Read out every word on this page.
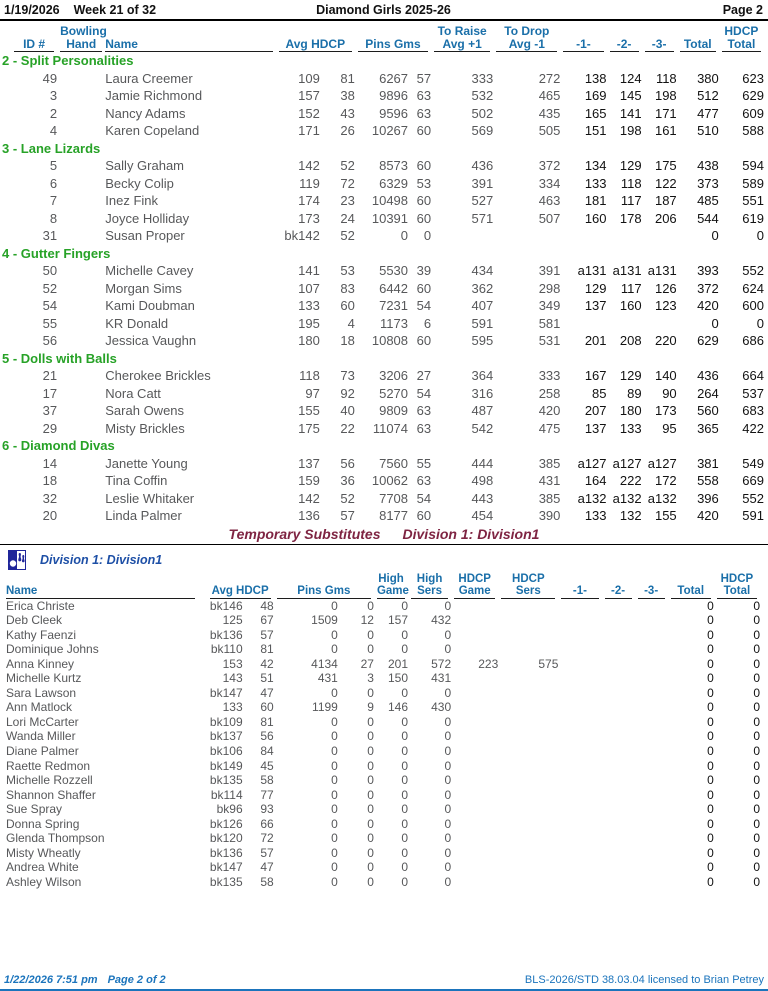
1/19/2026 Week 21 of 32	Diamond Girls 2025-26	Page 2
ID #

Bowling
Hand	Name	Avg HDCP	Pins Gms

To Raise
Avg +1

To Drop
Avg -1	-1-	-2-	-3-	Total

HDCP
Total

2 - Split Personalities													
49		Laura Creemer	109	81	6267	57	333	272	138	124	118	380	623
3		Jamie Richmond	157	38	9896	63	532	465	169	145	198	512	629
2		Nancy Adams	152	43	9596	63	502	435	165	141	171	477	609
4		Karen Copeland	171	26	10267	60	569	505	151	198	161	510	588
3 - Lane Lizards													
5		Sally Graham	142	52	8573	60	436	372	134	129	175	438	594
6		Becky Colip	119	72	6329	53	391	334	133	118	122	373	589
7		Inez Fink	174	23	10498	60	527	463	181	117	187	485	551
8		Joyce Holliday	173	24	10391	60	571	507	160	178	206	544	619
31		Susan Proper	bk142	52	0	0						0	0
4 - Gutter Fingers													
50		Michelle Cavey	141	53	5530	39	434	391	a131	a131	a131	393	552
52		Morgan Sims	107	83	6442	60	362	298	129	117	126	372	624
54		Kami Doubman	133	60	7231	54	407	349	137	160	123	420	600
55		KR Donald	195	4	1173	6	591	581				0	0
56		Jessica Vaughn	180	18	10808	60	595	531	201	208	220	629	686
5 - Dolls with Balls													
21		Cherokee Brickles	118	73	3206	27	364	333	167	129	140	436	664
17		Nora Catt	97	92	5270	54	316	258	85	89	90	264	537
37		Sarah Owens	155	40	9809	63	487	420	207	180	173	560	683
29		Misty Brickles	175	22	11074	63	542	475	137	133	95	365	422
6 - Diamond Divas													
14		Janette Young	137	56	7560	55	444	385	a127	a127	a127	381	549
18		Tina Coffin	159	36	10062	63	498	431	164	222	172	558	669
32		Leslie Whitaker	142	52	7708	54	443	385	a132	a132	a132	396	552
20		Linda Palmer	136	57	8177	60	454	390	133	132	155	420	591
Temporary Substitutes Division 1: Division1
Division 1: Division1
Name	Avg HDCP	Pins Gms

High
Game

High
Sers

HDCP
Game

HDCP
Sers	-1-	-2-	-3-	Total

HDCP
Total

Erica Christe	bk146	48	0	0	0	0						0	0
Deb Cleek	125	67	1509	12	157	432						0	0
Kathy Faenzi	bk136	57	0	0	0	0						0	0
Dominique Johns	bk110	81	0	0	0	0						0	0
Anna Kinney	153	42	4134	27	201	572	223	575				0	0
Michelle Kurtz	143	51	431	3	150	431						0	0
Sara Lawson	bk147	47	0	0	0	0						0	0
Ann Matlock	133	60	1199	9	146	430						0	0
Lori McCarter	bk109	81	0	0	0	0						0	0
Wanda Miller	bk137	56	0	0	0	0						0	0
Diane Palmer	bk106	84	0	0	0	0						0	0
Raette Redmon	bk149	45	0	0	0	0						0	0
Michelle Rozzell	bk135	58	0	0	0	0						0	0
Shannon Shaffer	bk114	77	0	0	0	0						0	0
Sue Spray	bk96	93	0	0	0	0						0	0
Donna Spring	bk126	66	0	0	0	0						0	0
Glenda Thompson	bk120	72	0	0	0	0						0	0
Misty Wheatly	bk136	57	0	0	0	0						0	0
Andrea White	bk147	47	0	0	0	0						0	0
Ashley Wilson	bk135	58	0	0	0	0						0	0
1/22/2026 7:51 pm Page 2 of 2	BLS-2026/STD 38.03.04 licensed to Brian Petrey
